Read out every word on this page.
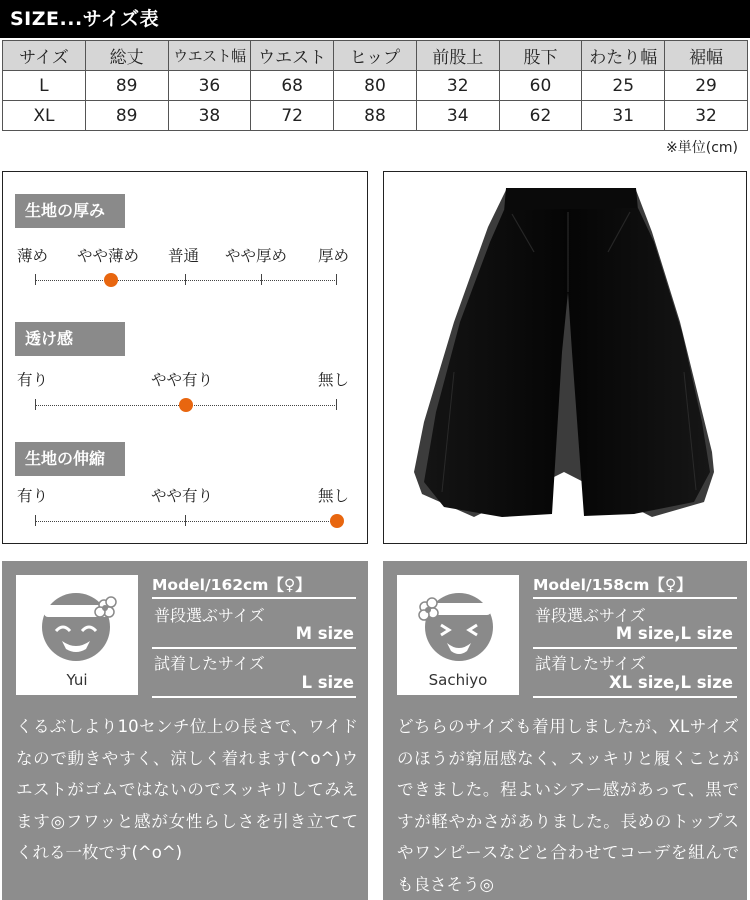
SIZE...サイズ表
サイズ	総丈	ウエスト幅	ウエスト	ヒップ	前股上	股下	わたり幅	裾幅
L	89	36	68	80	32	60	25	29
XL	89	38	72	88	34	62	31	32
※単位(cm)
生地の厚み
薄め やや薄め 普通 やや厚め 厚め
透け感
有り	やや有り	無し
生地の伸縮
有り	やや有り	無し
Yui
Model/162cm【♀】
普段選ぶサイズ
M size
試着したサイズ
L size
くるぶしより10センチ位上の長さで、ワイドなので動きやすく、涼しく着れます(^o^)ウエストがゴムではないのでスッキリしてみえます◎フワッと感が女性らしさを引き立ててくれる一枚です(^o^)
Sachiyo
Model/158cm【♀】
普段選ぶサイズ
M size,L size
試着したサイズ
XL size,L size
どちらのサイズも着用しましたが、XLサイズのほうが窮屈感なく、スッキリと履くことができました。程よいシアー感があって、黒ですが軽やかさがありました。長めのトップスやワンピースなどと合わせてコーデを組んでも良さそう◎
